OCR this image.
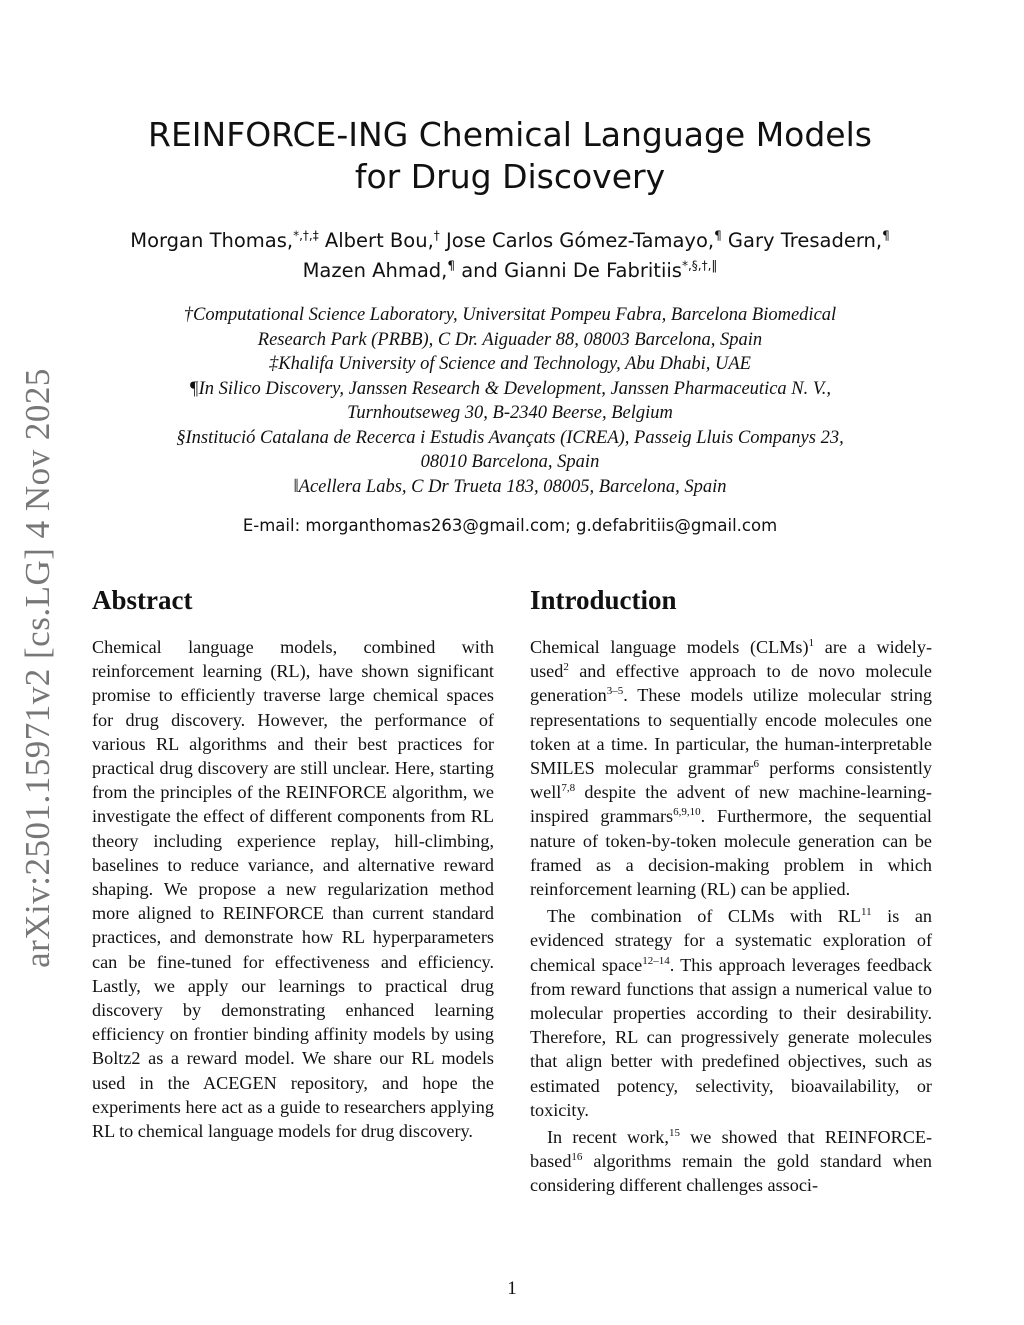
arXiv:2501.15971v2 [cs.LG] 4 Nov 2025
REINFORCE-ING Chemical Language Models
for Drug Discovery
Morgan Thomas,*,†,‡ Albert Bou,† Jose Carlos Gómez-Tamayo,¶ Gary Tresadern,¶
Mazen Ahmad,¶ and Gianni De Fabritiis*,§,†,‖
†Computational Science Laboratory, Universitat Pompeu Fabra, Barcelona Biomedical
Research Park (PRBB), C Dr. Aiguader 88, 08003 Barcelona, Spain
‡Khalifa University of Science and Technology, Abu Dhabi, UAE
¶In Silico Discovery, Janssen Research & Development, Janssen Pharmaceutica N. V.,
Turnhoutseweg 30, B-2340 Beerse, Belgium
§Institució Catalana de Recerca i Estudis Avançats (ICREA), Passeig Lluis Companys 23,
08010 Barcelona, Spain
‖Acellera Labs, C Dr Trueta 183, 08005, Barcelona, Spain
E-mail: morganthomas263@gmail.com; g.defabritiis@gmail.com
Abstract

Chemical language models, combined with reinforcement learning (RL), have shown significant promise to efficiently traverse large chemical spaces for drug discovery. However, the performance of various RL algorithms and their best practices for practical drug discovery are still unclear. Here, starting from the principles of the REINFORCE algorithm, we investigate the effect of different components from RL theory including experience replay, hill-climbing, baselines to reduce variance, and alternative reward shaping. We propose a new regularization method more aligned to REINFORCE than current standard practices, and demonstrate how RL hyperparameters can be fine-tuned for effectiveness and efficiency. Lastly, we apply our learnings to practical drug discovery by demonstrating enhanced learning efficiency on frontier binding affinity models by using Boltz2 as a reward model. We share our RL models used in the ACEGEN repository, and hope the experiments here act as a guide to researchers applying RL to chemical language models for drug discovery.

Introduction

Chemical language models (CLMs)$^1$ are a widely-used$^2$ and effective approach to de novo molecule generation$^{3-5}$. These models utilize molecular string representations to sequentially encode molecules one token at a time. In particular, the human-interpretable SMILES molecular grammar$^6$ performs consistently well$^{7,8}$ despite the advent of new machine-learning-inspired grammars$^{6,9,10}$. Furthermore, the sequential nature of token-by-token molecule generation can be framed as a decision-making problem in which reinforcement learning (RL) can be applied.

The combination of CLMs with RL$^{11}$ is an evidenced strategy for a systematic exploration of chemical space$^{12-14}$. This approach leverages feedback from reward functions that assign a numerical value to molecular properties according to their desirability. Therefore, RL can progressively generate molecules that align better with predefined objectives, such as estimated potency, selectivity, bioavailability, or toxicity.

In recent work,$^{15}$ we showed that REINFORCE-based$^{16}$ algorithms remain the gold standard when considering different challenges associ-

1
